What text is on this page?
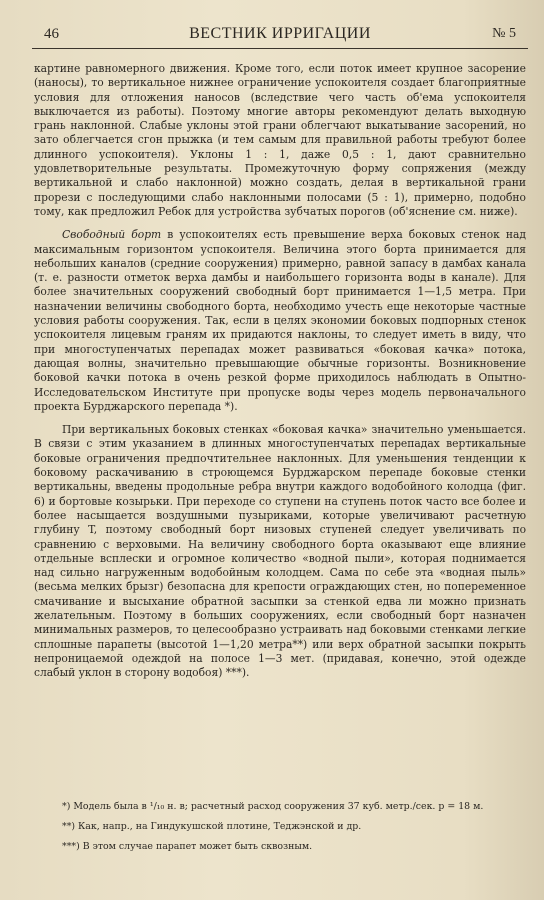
46	ВЕСТНИК ИРРИГАЦИИ	№ 5

картине равномерного движения. Кроме того, если поток имеет крупное засорение (наносы), то вертикальное нижнее ограничение успокоителя создает благоприятные условия для отложения наносов (вследствие чего часть об'ема успокоителя выключается из работы). Поэтому многие авторы рекомендуют делать выходную грань наклонной. Слабые уклоны этой грани облегчают выкатывание засорений, но зато облегчается сгон прыжка (и тем самым для правильной работы требуют более длинного успокоителя). Уклоны 1 : 1, даже 0,5 : 1, дают сравнительно удовлетворительные результаты. Промежуточную форму сопряжения (между вертикальной и слабо наклонной) можно создать, делая в вертикальной грани прорези с последующими слабо наклонными полосами (5 : 1), примерно, подобно тому, как предложил Ребок для устройства зубчатых порогов (об'яснение см. ниже).

Свободный борт в успокоителях есть превышение верха боковых стенок над максимальным горизонтом успокоителя. Величина этого борта принимается для небольших каналов (средние сооружения) примерно, равной запасу в дамбах канала (т. е. разности отметок верха дамбы и наибольшего горизонта воды в канале). Для более значительных сооружений свободный борт принимается 1—1,5 метра. При назначении величины свободного борта, необходимо учесть еще некоторые частные условия работы сооружения. Так, если в целях экономии боковых подпорных стенок успокоителя лицевым граням их придаются наклоны, то следует иметь в виду, что при многоступенчатых перепадах может развиваться «боковая качка» потока, дающая волны, значительно превышающие обычные горизонты. Возникновение боковой качки потока в очень резкой форме приходилось наблюдать в Опытно-Исследовательском Институте при пропуске воды через модель первоначального проекта Бурджарского перепада *).

При вертикальных боковых стенках «боковая качка» значительно уменьшается. В связи с этим указанием в длинных многоступенчатых перепадах вертикальные боковые ограничения предпочтительнее наклонных. Для уменьшения тенденции к боковому раскачиванию в строющемся Бурджарском перепаде боковые стенки вертикальны, введены продольные ребра внутри каждого водобойного колодца (фиг. 6) и бортовые козырьки. При переходе со ступени на ступень поток часто все более и более насыщается воздушными пузыриками, которые увеличивают расчетную глубину T, поэтому свободный борт низовых ступеней следует увеличивать по сравнению с верховыми. На величину свободного борта оказывают еще влияние отдельные всплески и огромное количество «водной пыли», которая поднимается над сильно нагруженным водобойным колодцем. Сама по себе эта «водная пыль» (весьма мелких брызг) безопасна для крепости ограждающих стен, но попеременное смачивание и высыхание обратной засыпки за стенкой едва ли можно признать желательным. Поэтому в больших сооружениях, если свободный борт назначен минимальных размеров, то целесообразно устраивать над боковыми стенками легкие сплошные парапеты (высотой 1—1,20 метра**) или верх обратной засыпки покрыть непроницаемой одеждой на полосе 1—3 мет. (придавая, конечно, этой одежде слабый уклон в сторону водобоя) ***).

*) Модель была в ¹/₁₀ н. в; расчетный расход сооружения 37 куб. метр./сек. p = 18 м.

**) Как, напр., на Гиндукушской плотине, Теджэнской и др.

***) В этом случае парапет может быть сквозным.
